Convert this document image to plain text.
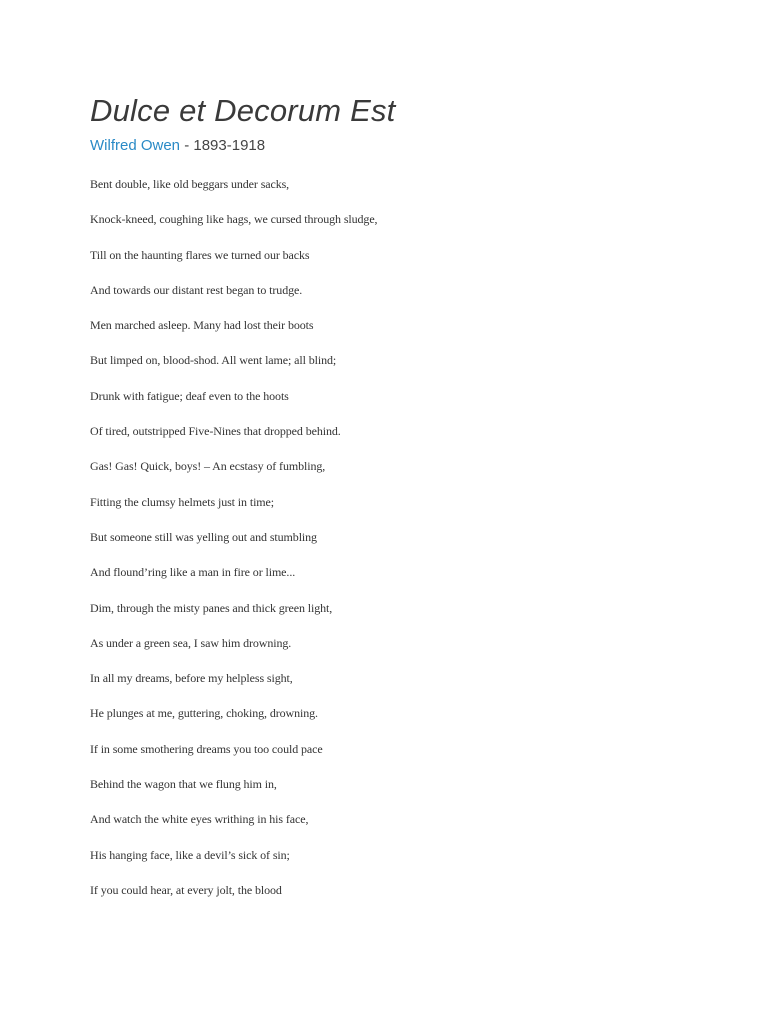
Dulce et Decorum Est
Wilfred Owen - 1893-1918
Bent double, like old beggars under sacks,
Knock-kneed, coughing like hags, we cursed through sludge,
Till on the haunting flares we turned our backs
And towards our distant rest began to trudge.
Men marched asleep. Many had lost their boots
But limped on, blood-shod. All went lame; all blind;
Drunk with fatigue; deaf even to the hoots
Of tired, outstripped Five-Nines that dropped behind.
Gas! Gas! Quick, boys! – An ecstasy of fumbling,
Fitting the clumsy helmets just in time;
But someone still was yelling out and stumbling
And flound’ring like a man in fire or lime...
Dim, through the misty panes and thick green light,
As under a green sea, I saw him drowning.
In all my dreams, before my helpless sight,
He plunges at me, guttering, choking, drowning.
If in some smothering dreams you too could pace
Behind the wagon that we flung him in,
And watch the white eyes writhing in his face,
His hanging face, like a devil’s sick of sin;
If you could hear, at every jolt, the blood
